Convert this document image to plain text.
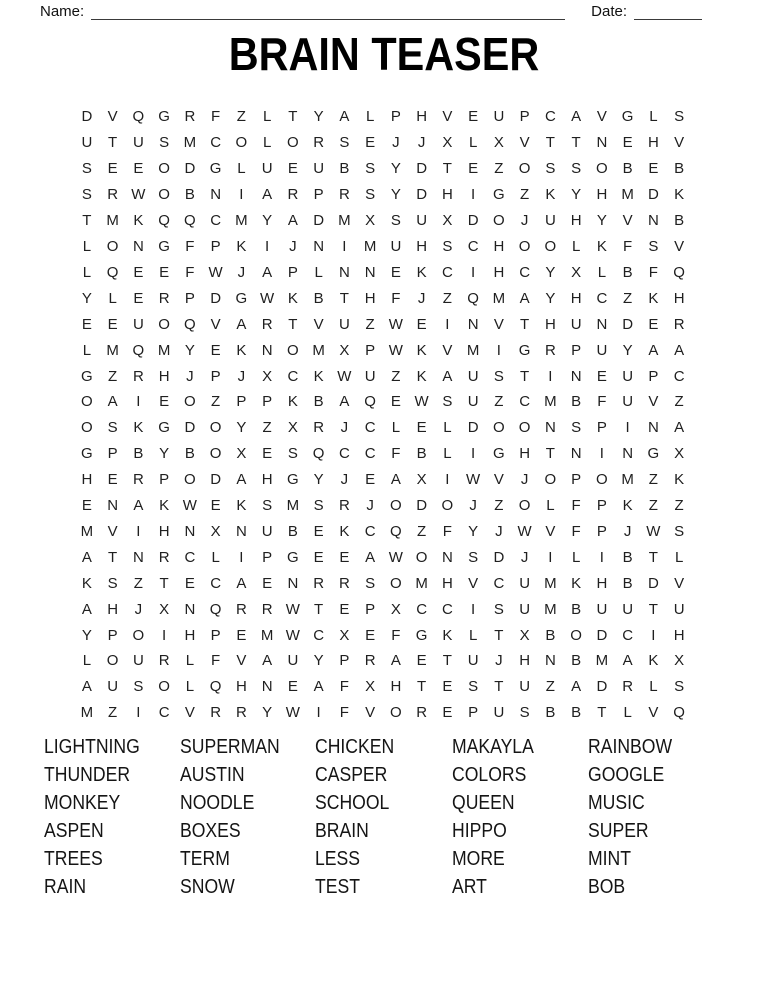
Name:	Date:
BRAIN TEASER
D	V Q G R	F	Z	L	T	Y	A	L	P	H	V	E	U	P	C	A	V G	L	S
U	T	U	S M C O	L	O R	S	E	J	J	X	L	X	V	T	T	N	E	H	V
S	E	E O D G	L	U	E	U	B	S	Y	D	T	E	Z	O S	S O B	E	B
S	R W O B	N	I	A	R	P	R	S	Y	D H	I	G	Z	K	Y	H M D	K
T M K Q Q C M Y	A	D M X	S	U	X	D O	J	U H	Y	V	N	B
L	O N G	F	P	K	I	J	N	I	M U H	S	C H O O	L	K	F	S	V
L	Q E	E	F W J	A	P	L	N N	E	K	C	I	H C	Y	X	L	B	F	Q
Y	L	E	R	P	D G W K	B	T	H	F	J	Z	Q M A	Y	H C	Z	K	H
E	E	U O Q V	A	R	T	V	U	Z W E	I	N	V	T	H U N D	E	R
L	M Q M Y	E	K	N O M X	P W K	V M	I	G R	P	U	Y	A	A
G	Z	R H	J	P	J	X	C	K W U	Z	K	A	U	S	T	I	N	E	U	P	C
O A	I	E O	Z	P	P	K	B	A Q E W S	U	Z	C M B	F	U	V	Z
O S	K G D O Y	Z	X	R	J	C	L	E	L	D O O N	S	P	I	N	A
G P	B	Y	B O X	E	S Q C C	F	B	L	I	G H	T	N	I	N G X
H	E	R	P O D	A	H G Y	J	E	A	X	I	W V	J	O P O M Z	K
E	N	A	K W E	K	S M S	R	J	O D O	J	Z	O	L	F	P	K	Z	Z
M V	I	H N	X	N U	B	E	K	C Q	Z	F	Y	J W V	F	P	J W S
A	T	N R C	L	I	P G E	E	A W O N	S	D	J	I	L	I	B	T	L
K	S	Z	T	E	C	A	E	N R R	S O M H	V	C U M K	H	B	D	V
A	H	J	X	N Q R R W T	E	P	X	C C	I	S	U M B	U U	T	U
Y	P O	I	H	P	E M W C	X	E	F	G K	L	T	X	B O D C	I	H
L	O U R	L	F	V	A	U	Y	P	R	A	E	T	U	J	H N	B M A	K	X
A	U	S O	L	Q H N	E	A	F	X	H	T	E	S	T	U	Z	A	D R	L	S
M Z	I	C	V	R R	Y W	I	F	V O R	E	P	U	S	B	B	T	L	V Q
LIGHTNING
THUNDER
MONKEY
ASPEN
TREES
RAIN
SUPERMAN
AUSTIN
NOODLE
BOXES
TERM
SNOW
CHICKEN
CASPER
SCHOOL
BRAIN
LESS
TEST
MAKAYLA
COLORS
QUEEN
HIPPO
MORE
ART
RAINBOW
GOOGLE
MUSIC
SUPER
MINT
BOB
